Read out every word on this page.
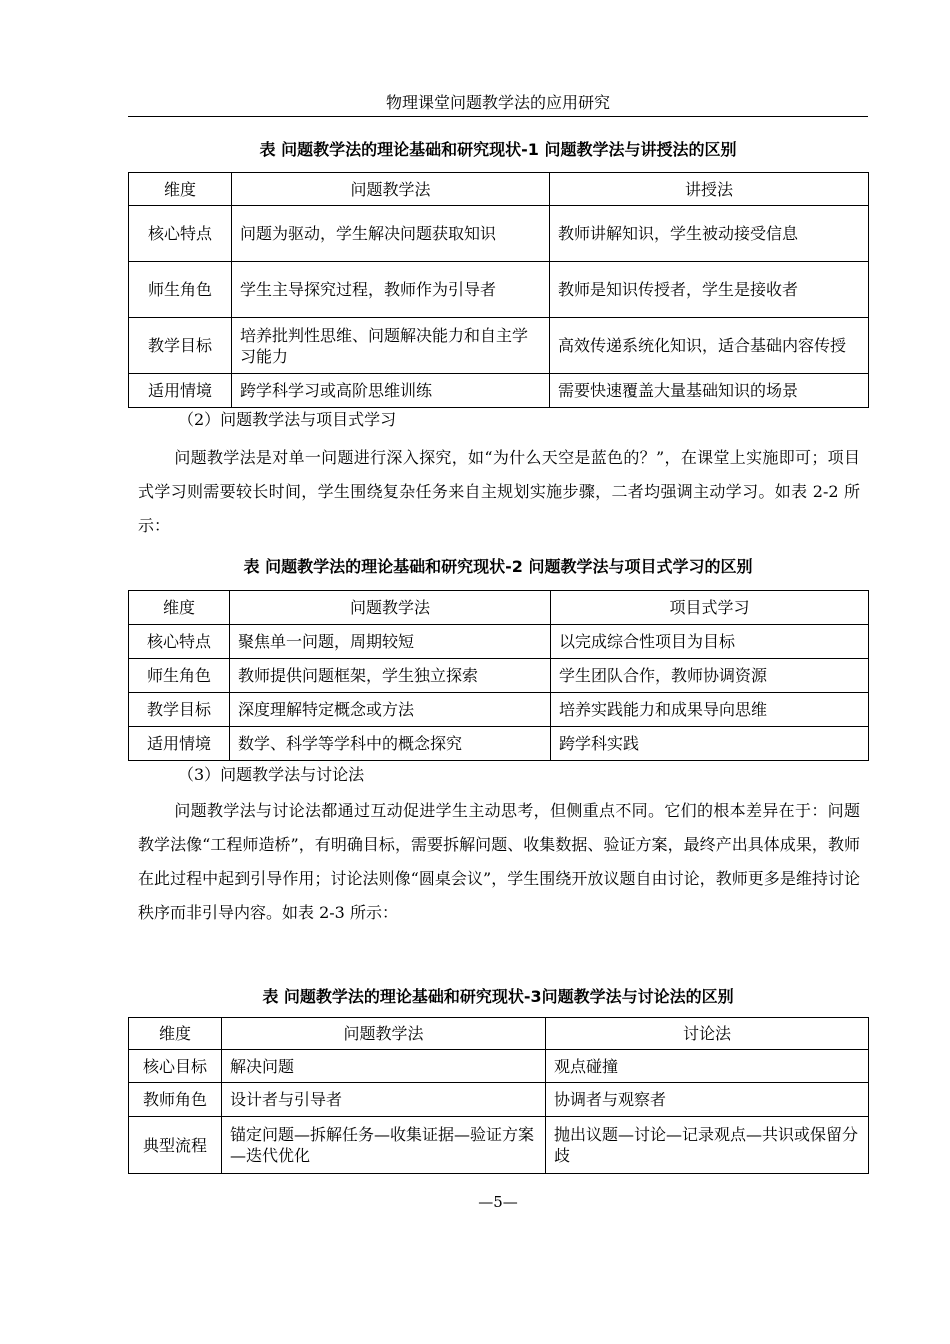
物理课堂问题教学法的应用研究
表 问题教学法的理论基础和研究现状-1 问题教学法与讲授法的区别
维度	问题教学法	讲授法
核心特点	问题为驱动，学生解决问题获取知识	教师讲解知识，学生被动接受信息
师生角色	学生主导探究过程，教师作为引导者	教师是知识传授者，学生是接收者
教学目标	培养批判性思维、问题解决能力和自主学习能力	高效传递系统化知识，适合基础内容传授
适用情境	跨学科学习或高阶思维训练	需要快速覆盖大量基础知识的场景
（2）问题教学法与项目式学习
问题教学法是对单一问题进行深入探究，如“为什么天空是蓝色的？”，在课堂上实施即可；项目式学习则需要较长时间，学生围绕复杂任务来自主规划实施步骤，二者均强调主动学习。如表 2-2 所示：
表 问题教学法的理论基础和研究现状-2 问题教学法与项目式学习的区别
维度	问题教学法	项目式学习
核心特点	聚焦单一问题，周期较短	以完成综合性项目为目标
师生角色	教师提供问题框架，学生独立探索	学生团队合作，教师协调资源
教学目标	深度理解特定概念或方法	培养实践能力和成果导向思维
适用情境	数学、科学等学科中的概念探究	跨学科实践
（3）问题教学法与讨论法
问题教学法与讨论法都通过互动促进学生主动思考，但侧重点不同。它们的根本差异在于：问题教学法像“工程师造桥”，有明确目标，需要拆解问题、收集数据、验证方案，最终产出具体成果，教师在此过程中起到引导作用；讨论法则像“圆桌会议”，学生围绕开放议题自由讨论，教师更多是维持讨论秩序而非引导内容。如表 2-3 所示：
表 问题教学法的理论基础和研究现状-3问题教学法与讨论法的区别
维度	问题教学法	讨论法
核心目标	解决问题	观点碰撞
教师角色	设计者与引导者	协调者与观察者
典型流程	锚定问题—拆解任务—收集证据—验证方案—迭代优化	抛出议题—讨论—记录观点—共识或保留分歧
—5—
